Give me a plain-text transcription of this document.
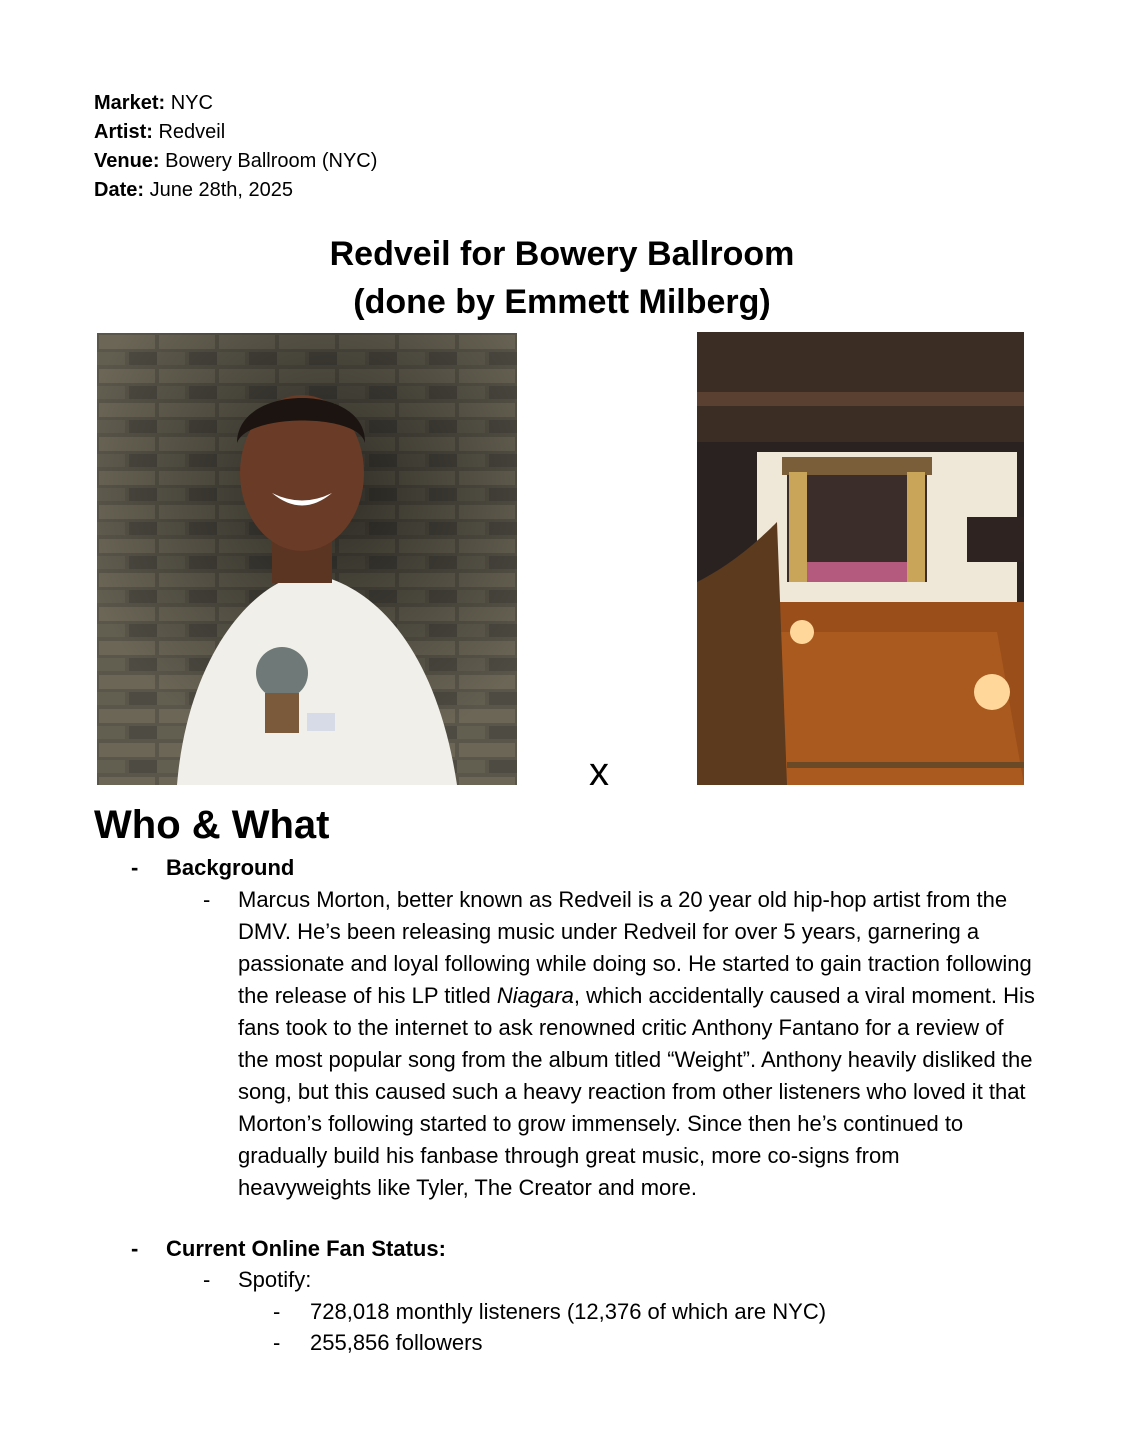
Market: NYC
Artist: Redveil
Venue: Bowery Ballroom (NYC)
Date: June 28th, 2025
Redveil for Bowery Ballroom
(done by Emmett Milberg)
x
Who & What
- Background
- Marcus Morton, better known as Redveil is a 20 year old hip-hop artist from the DMV. He’s been releasing music under Redveil for over 5 years, garnering a passionate and loyal following while doing so. He started to gain traction following the release of his LP titled Niagara, which accidentally caused a viral moment. His fans took to the internet to ask renowned critic Anthony Fantano for a review of the most popular song from the album titled “Weight”. Anthony heavily disliked the song, but this caused such a heavy reaction from other listeners who loved it that Morton’s following started to grow immensely. Since then he’s continued to gradually build his fanbase through great music, more co-signs from heavyweights like Tyler, The Creator and more.

- Current Online Fan Status:
- Spotify:
- 728,018 monthly listeners (12,376 of which are NYC)
- 255,856 followers
